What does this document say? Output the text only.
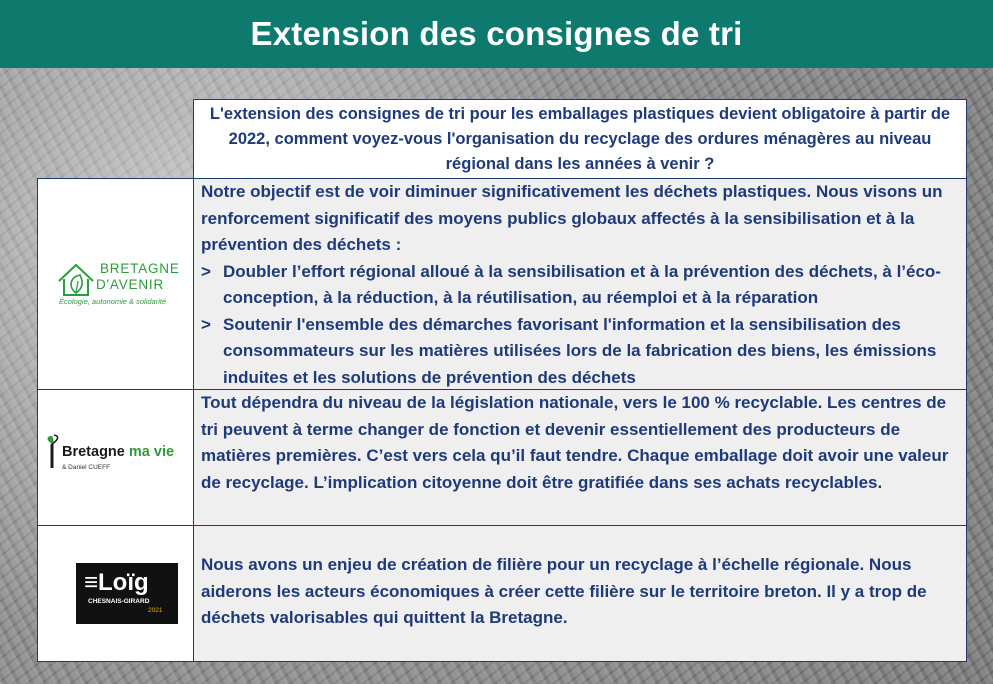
Extension des consignes de tri
L'extension des consignes de tri pour les emballages plastiques devient obligatoire à partir de 2022, comment voyez-vous l'organisation du recyclage des ordures ménagères au niveau régional dans les années à venir ?
BRETAGNE
D'AVENIR
Écologie, autonomie & solidarité

Notre objectif est de voir diminuer significativement les déchets plastiques. Nous visons un renforcement significatif des moyens publics globaux affectés à la sensibilisation et à la prévention des déchets :

> Doubler l’effort régional alloué à la sensibilisation et à la prévention des déchets, à l’éco-conception, à la réduction, à la réutilisation, au réemploi et à la réparation
> Soutenir l'ensemble des démarches favorisant l'information et la sensibilisation des consommateurs sur les matières utilisées lors de la fabrication des biens, les émissions induites et les solutions de prévention des déchets
Bretagne ma vie
& Daniel CUEFF

Tout dépendra du niveau de la législation nationale, vers le 100 % recyclable. Les centres de tri peuvent à terme changer de fonction et devenir essentiellement des producteurs de matières premières. C’est vers cela qu’il faut tendre. Chaque emballage doit avoir une valeur de recyclage. L’implication citoyenne doit être gratifiée dans ses achats recyclables.

≡Loïg
CHESNAIS-GIRARD
2021

Nous avons un enjeu de création de filière pour un recyclage à l’échelle régionale. Nous aiderons les acteurs économiques à créer cette filière sur le territoire breton. Il y a trop de déchets valorisables qui quittent la Bretagne.
